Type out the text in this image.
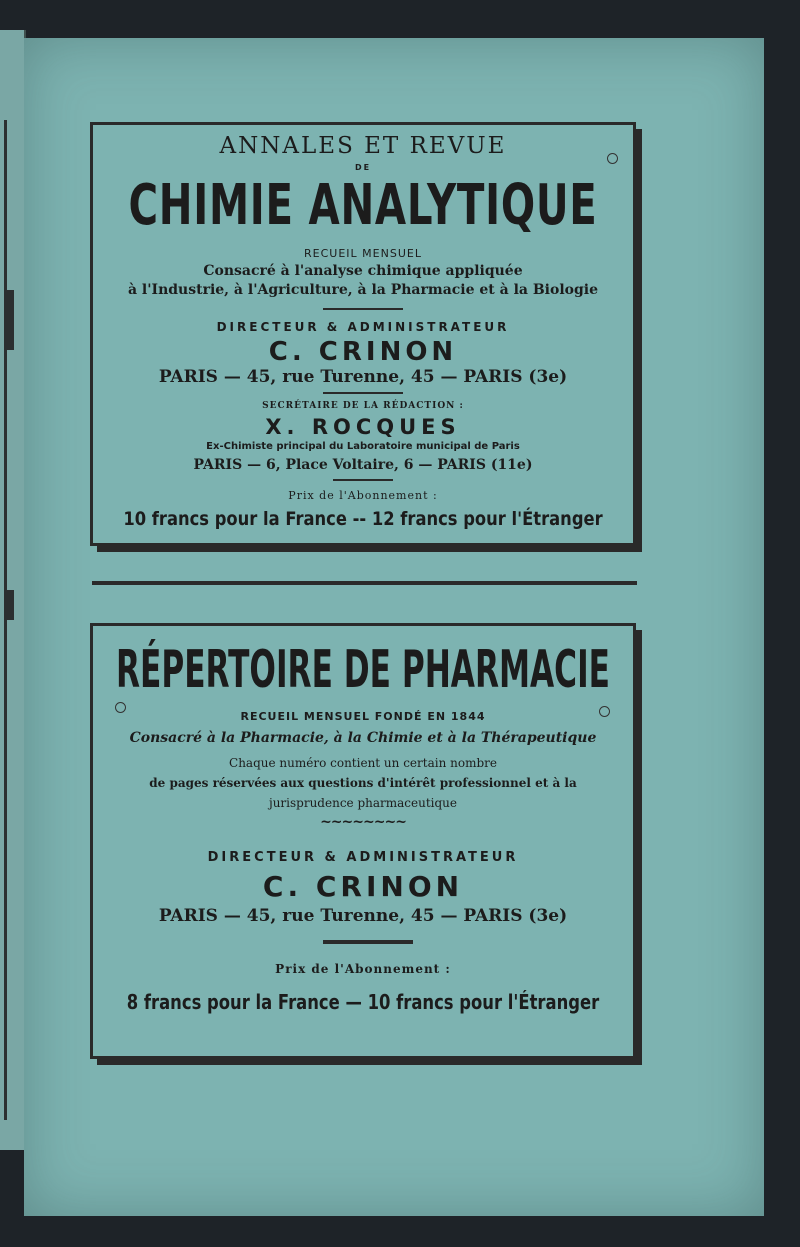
ANNALES ET REVUE
DE
CHIMIE ANALYTIQUE
RECUEIL MENSUEL
Consacré à l'analyse chimique appliquée
à l'Industrie, à l'Agriculture, à la Pharmacie et à la Biologie
DIRECTEUR & ADMINISTRATEUR
C. CRINON
PARIS — 45, rue Turenne, 45 — PARIS (3e)
SECRÉTAIRE DE LA RÉDACTION :
X. ROCQUES
Ex-Chimiste principal du Laboratoire municipal de Paris
PARIS — 6, Place Voltaire, 6 — PARIS (11e)
Prix de l'Abonnement :
10 francs pour la France -- 12 francs pour l'Étranger
RÉPERTOIRE DE PHARMACIE
RECUEIL MENSUEL FONDÉ EN 1844
Consacré à la Pharmacie, à la Chimie et à la Thérapeutique
Chaque numéro contient un certain nombre
de pages réservées aux questions d'intérêt professionnel et à la
jurisprudence pharmaceutique
~~~~~~~~
DIRECTEUR & ADMINISTRATEUR
C. CRINON
PARIS — 45, rue Turenne, 45 — PARIS (3e)
Prix de l'Abonnement :
8 francs pour la France — 10 francs pour l'Étranger
